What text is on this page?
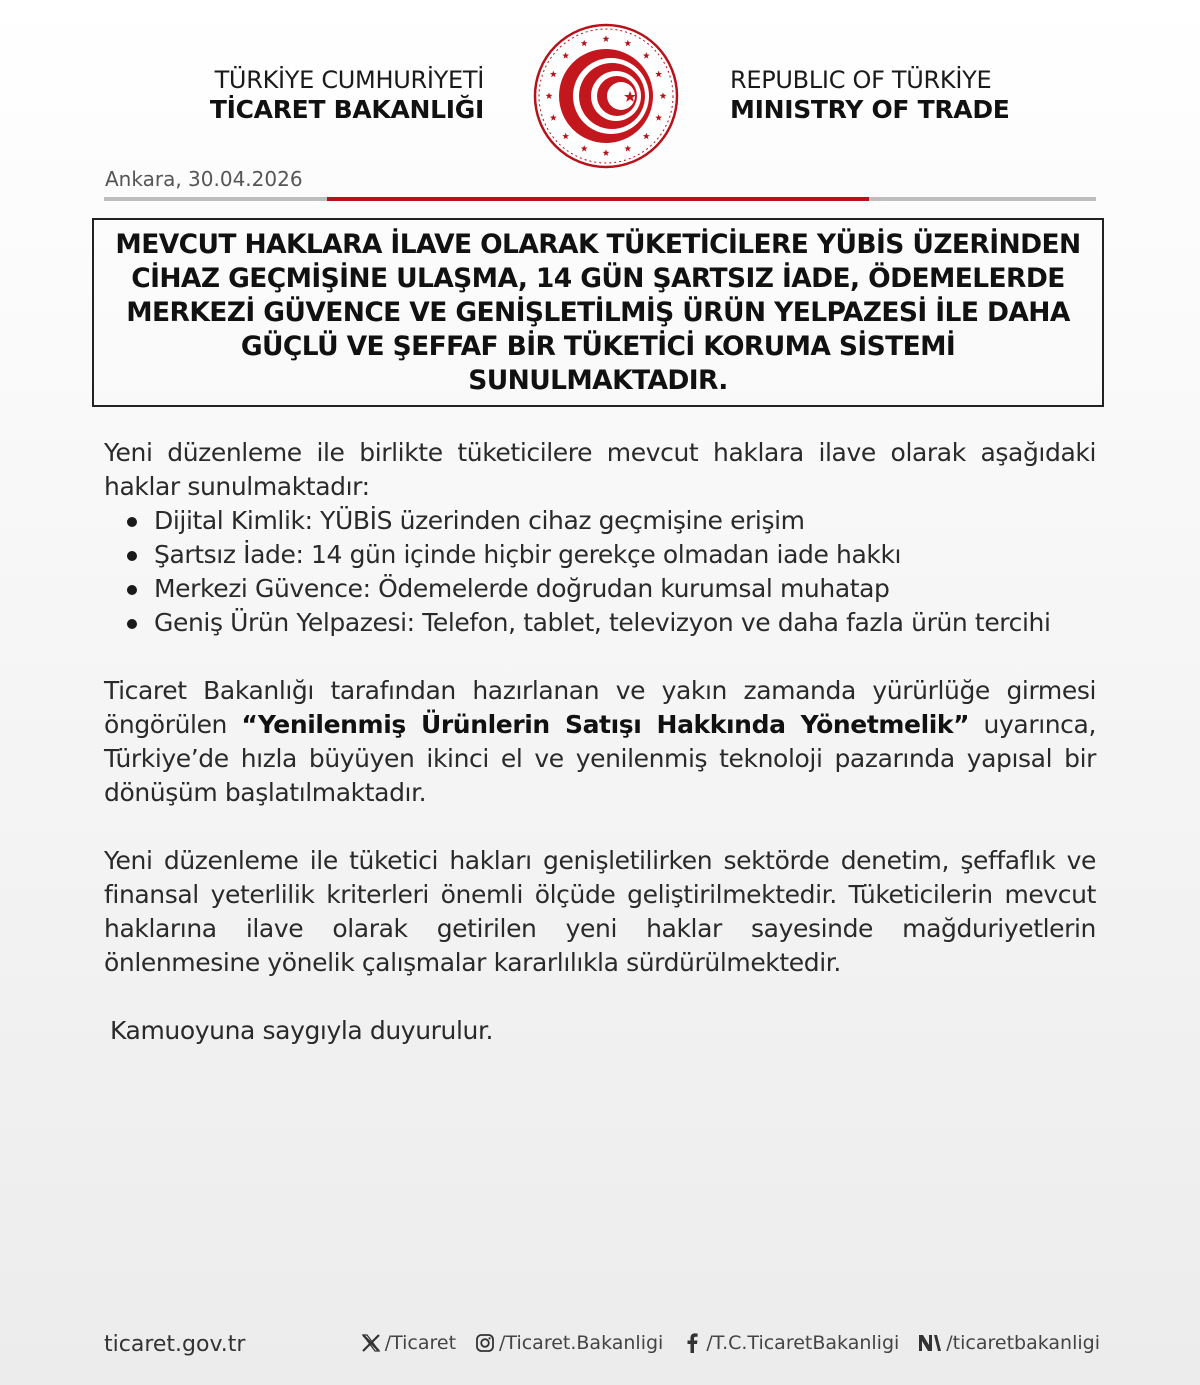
TÜRKİYE CUMHURİYETİ
TİCARET BAKANLIĞI
REPUBLIC OF TÜRKİYE
MINISTRY OF TRADE
Ankara, 30.04.2026
MEVCUT HAKLARA İLAVE OLARAK TÜKETİCİLERE YÜBİS ÜZERİNDEN CİHAZ GEÇMİŞİNE ULAŞMA, 14 GÜN ŞARTSIZ İADE, ÖDEMELERDE MERKEZİ GÜVENCE VE GENİŞLETİLMİŞ ÜRÜN YELPAZESİ İLE DAHA GÜÇLÜ VE ŞEFFAF BİR TÜKETİCİ KORUMA SİSTEMİ SUNULMAKTADIR.

Yeni düzenleme ile birlikte tüketicilere mevcut haklara ilave olarak aşağıdaki haklar sunulmaktadır:

Dijital Kimlik: YÜBİS üzerinden cihaz geçmişine erişim
Şartsız İade: 14 gün içinde hiçbir gerekçe olmadan iade hakkı
Merkezi Güvence: Ödemelerde doğrudan kurumsal muhatap
Geniş Ürün Yelpazesi: Telefon, tablet, televizyon ve daha fazla ürün tercihi

Ticaret Bakanlığı tarafından hazırlanan ve yakın zamanda yürürlüğe girmesi öngörülen “Yenilenmiş Ürünlerin Satışı Hakkında Yönetmelik” uyarınca, Türkiye’de hızla büyüyen ikinci el ve yenilenmiş teknoloji pazarında yapısal bir dönüşüm başlatılmaktadır.

Yeni düzenleme ile tüketici hakları genişletilirken sektörde denetim, şeffaflık ve finansal yeterlilik kriterleri önemli ölçüde geliştirilmektedir. Tüketicilerin mevcut haklarına ilave olarak getirilen yeni haklar sayesinde mağduriyetlerin önlenmesine yönelik çalışmalar kararlılıkla sürdürülmektedir.

Kamuoyuna saygıyla duyurulur.

ticaret.gov.tr	/Ticaret /Ticaret.Bakanligi /T.C.TicaretBakanligi /ticaretbakanligi
